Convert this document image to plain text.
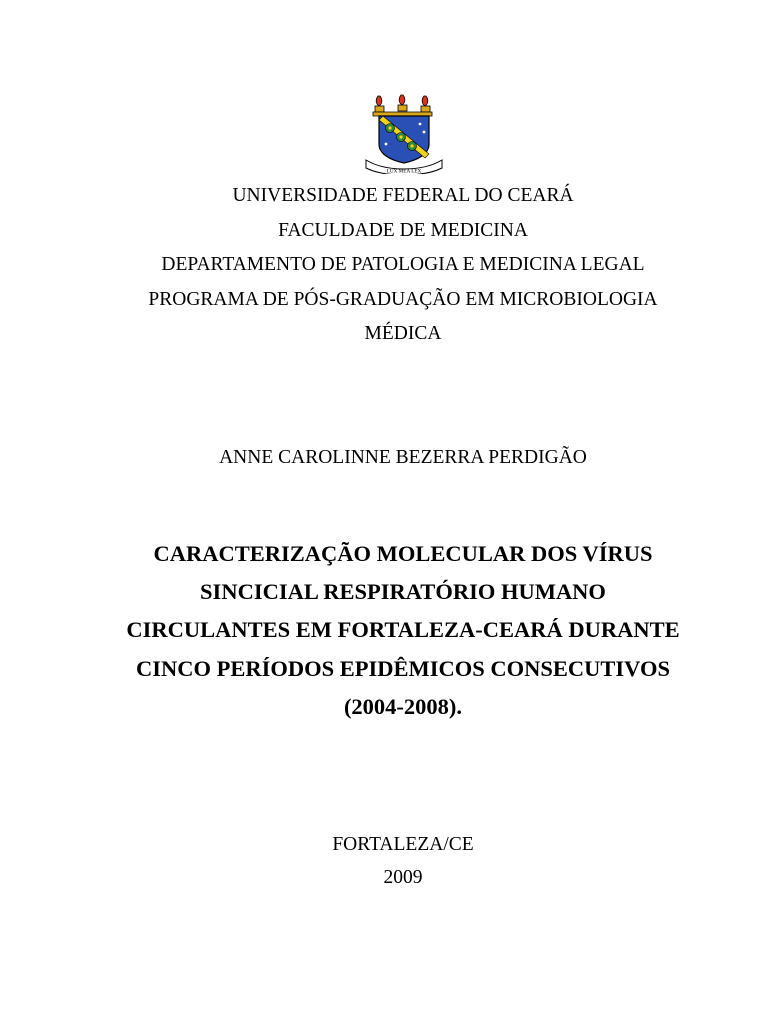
LUX MEA LEX
UNIVERSIDADE FEDERAL DO CEARÁ
FACULDADE DE MEDICINA
DEPARTAMENTO DE PATOLOGIA E MEDICINA LEGAL
PROGRAMA DE PÓS-GRADUAÇÃO EM MICROBIOLOGIA
MÉDICA
ANNE CAROLINNE BEZERRA PERDIGÃO
CARACTERIZAÇÃO MOLECULAR DOS VÍRUS
SINCICIAL RESPIRATÓRIO HUMANO
CIRCULANTES EM FORTALEZA-CEARÁ DURANTE
CINCO PERÍODOS EPIDÊMICOS CONSECUTIVOS
(2004-2008).
FORTALEZA/CE
2009
